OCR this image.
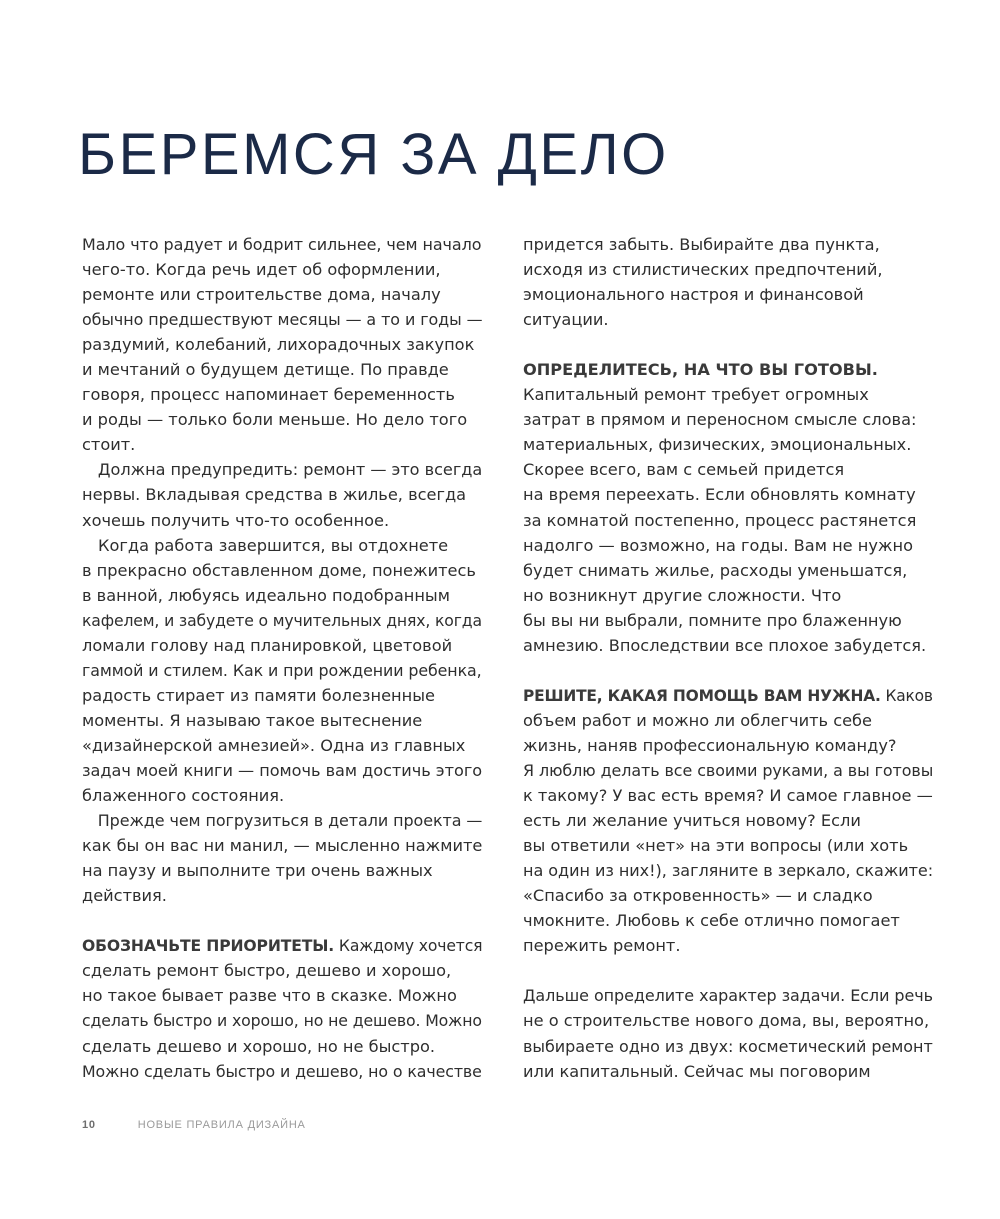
БЕРЕМСЯ ЗА ДЕЛО
Мало что радует и бодрит сильнее, чем начало
чего-то. Когда речь идет об оформлении,
ремонте или строительстве дома, началу
обычно предшествуют месяцы — а то и годы —
раздумий, колебаний, лихорадочных закупок
и мечтаний о будущем детище. По правде
говоря, процесс напоминает беременность
и роды — только боли меньше. Но дело того
стоит.
Должна предупредить: ремонт — это всегда
нервы. Вкладывая средства в жилье, всегда
хочешь получить что-то особенное.
Когда работа завершится, вы отдохнете
в прекрасно обставленном доме, понежитесь
в ванной, любуясь идеально подобранным
кафелем, и забудете о мучительных днях, когда
ломали голову над планировкой, цветовой
гаммой и стилем. Как и при рождении ребенка,
радость стирает из памяти болезненные
моменты. Я называю такое вытеснение
«дизайнерской амнезией». Одна из главных
задач моей книги — помочь вам достичь этого
блаженного состояния.
Прежде чем погрузиться в детали проекта —
как бы он вас ни манил, — мысленно нажмите
на паузу и выполните три очень важных
действия.
ОБОЗНАЧЬТЕ ПРИОРИТЕТЫ. Каждому хочется
сделать ремонт быстро, дешево и хорошо,
но такое бывает разве что в сказке. Можно
сделать быстро и хорошо, но не дешево. Можно
сделать дешево и хорошо, но не быстро.
Можно сделать быстро и дешево, но о качестве
придется забыть. Выбирайте два пункта,
исходя из стилистических предпочтений,
эмоционального настроя и финансовой
ситуации.
ОПРЕДЕЛИТЕСЬ, НА ЧТО ВЫ ГОТОВЫ.
Капитальный ремонт требует огромных
затрат в прямом и переносном смысле слова:
материальных, физических, эмоциональных.
Скорее всего, вам с семьей придется
на время переехать. Если обновлять комнату
за комнатой постепенно, процесс растянется
надолго — возможно, на годы. Вам не нужно
будет снимать жилье, расходы уменьшатся,
но возникнут другие сложности. Что
бы вы ни выбрали, помните про блаженную
амнезию. Впоследствии все плохое забудется.
РЕШИТЕ, КАКАЯ ПОМОЩЬ ВАМ НУЖНА. Каков
объем работ и можно ли облегчить себе
жизнь, наняв профессиональную команду?
Я люблю делать все своими руками, а вы готовы
к такому? У вас есть время? И самое главное —
есть ли желание учиться новому? Если
вы ответили «нет» на эти вопросы (или хоть
на один из них!), загляните в зеркало, скажите:
«Спасибо за откровенность» — и сладко
чмокните. Любовь к себе отлично помогает
пережить ремонт.
Дальше определите характер задачи. Если речь
не о строительстве нового дома, вы, вероятно,
выбираете одно из двух: косметический ремонт
или капитальный. Сейчас мы поговорим
10	НОВЫЕ ПРАВИЛА ДИЗАЙНА
